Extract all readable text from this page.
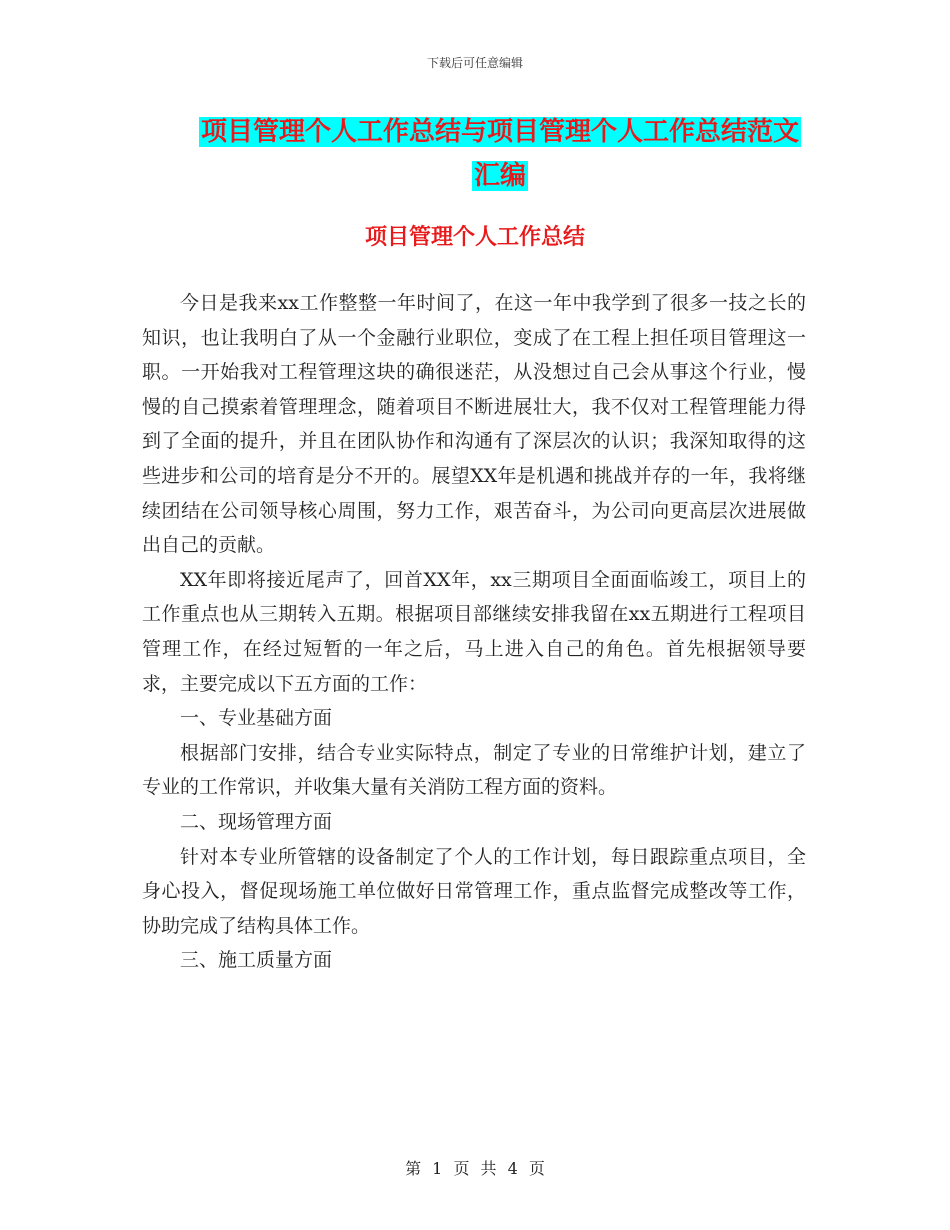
下载后可任意编辑
项目管理个人工作总结与项目管理个人工作总结范文
汇编
项目管理个人工作总结

今日是我来xx工作整整一年时间了，在这一年中我学到了很多一技之长的知识，也让我明白了从一个金融行业职位，变成了在工程上担任项目管理这一职。一开始我对工程管理这块的确很迷茫，从没想过自己会从事这个行业，慢慢的自己摸索着管理理念，随着项目不断进展壮大，我不仅对工程管理能力得到了全面的提升，并且在团队协作和沟通有了深层次的认识；我深知取得的这些进步和公司的培育是分不开的。展望XX年是机遇和挑战并存的一年，我将继续团结在公司领导核心周围，努力工作，艰苦奋斗，为公司向更高层次进展做出自己的贡献。

XX年即将接近尾声了，回首XX年，xx三期项目全面面临竣工，项目上的工作重点也从三期转入五期。根据项目部继续安排我留在xx五期进行工程项目管理工作，在经过短暂的一年之后，马上进入自己的角色。首先根据领导要求，主要完成以下五方面的工作：

一、专业基础方面

根据部门安排，结合专业实际特点，制定了专业的日常维护计划，建立了专业的工作常识，并收集大量有关消防工程方面的资料。

二、现场管理方面

针对本专业所管辖的设备制定了个人的工作计划，每日跟踪重点项目，全身心投入，督促现场施工单位做好日常管理工作，重点监督完成整改等工作，协助完成了结构具体工作。

三、施工质量方面

第 1 页 共 4 页
